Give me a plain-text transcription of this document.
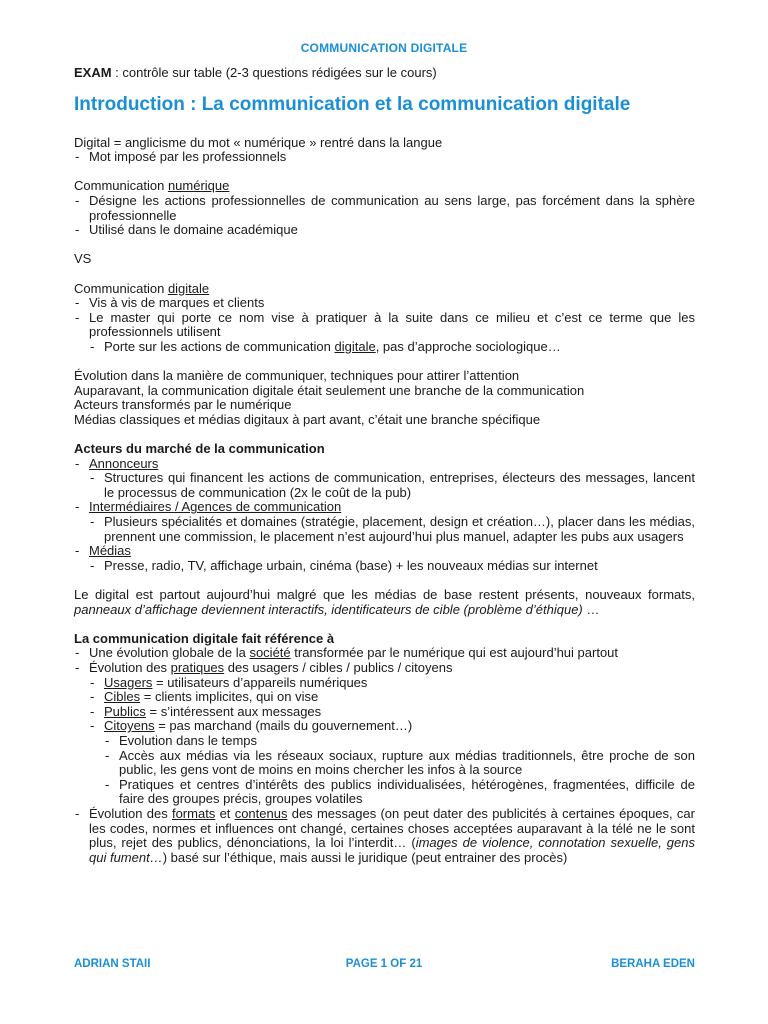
COMMUNICATION DIGITALE

EXAM : contrôle sur table (2-3 questions rédigées sur le cours)

Introduction : La communication et la communication digitale

Digital = anglicisme du mot « numérique » rentré dans la langue

- Mot imposé par les professionnels

Communication numérique

- Désigne les actions professionnelles de communication au sens large, pas forcément dans la sphère professionnelle

- Utilisé dans le domaine académique

VS

Communication digitale

- Vis à vis de marques et clients

- Le master qui porte ce nom vise à pratiquer à la suite dans ce milieu et c’est ce terme que les professionnels utilisent

- Porte sur les actions de communication digitale, pas d’approche sociologique…

Évolution dans la manière de communiquer, techniques pour attirer l’attention

Auparavant, la communication digitale était seulement une branche de la communication

Acteurs transformés par le numérique

Médias classiques et médias digitaux à part avant, c’était une branche spécifique

Acteurs du marché de la communication

- Annonceurs

- Structures qui financent les actions de communication, entreprises, électeurs des messages, lancent le processus de communication (2x le coût de la pub)

- Intermédiaires / Agences de communication

- Plusieurs spécialités et domaines (stratégie, placement, design et création…), placer dans les médias, prennent une commission, le placement n’est aujourd’hui plus manuel, adapter les pubs aux usagers

- Médias

- Presse, radio, TV, affichage urbain, cinéma (base) + les nouveaux médias sur internet

Le digital est partout aujourd’hui malgré que les médias de base restent présents, nouveaux formats, panneaux d’affichage deviennent interactifs, identificateurs de cible (problème d’éthique) …

La communication digitale fait référence à

- Une évolution globale de la société transformée par le numérique qui est aujourd’hui partout

- Évolution des pratiques des usagers / cibles / publics / citoyens

- Usagers = utilisateurs d’appareils numériques

- Cibles = clients implicites, qui on vise

- Publics = s’intéressent aux messages

- Citoyens = pas marchand (mails du gouvernement…)

- Evolution dans le temps

- Accès aux médias via les réseaux sociaux, rupture aux médias traditionnels, être proche de son public, les gens vont de moins en moins chercher les infos à la source

- Pratiques et centres d’intérêts des publics individualisées, hétérogènes, fragmentées, difficile de faire des groupes précis, groupes volatiles

- Évolution des formats et contenus des messages (on peut dater des publicités à certaines époques, car les codes, normes et influences ont changé, certaines choses acceptées auparavant à la télé ne le sont plus, rejet des publics, dénonciations, la loi l’interdit… (images de violence, connotation sexuelle, gens qui fument…) basé sur l’éthique, mais aussi le juridique (peut entrainer des procès)

ADRIAN STAII	PAGE 1 OF 21	BERAHA EDEN
